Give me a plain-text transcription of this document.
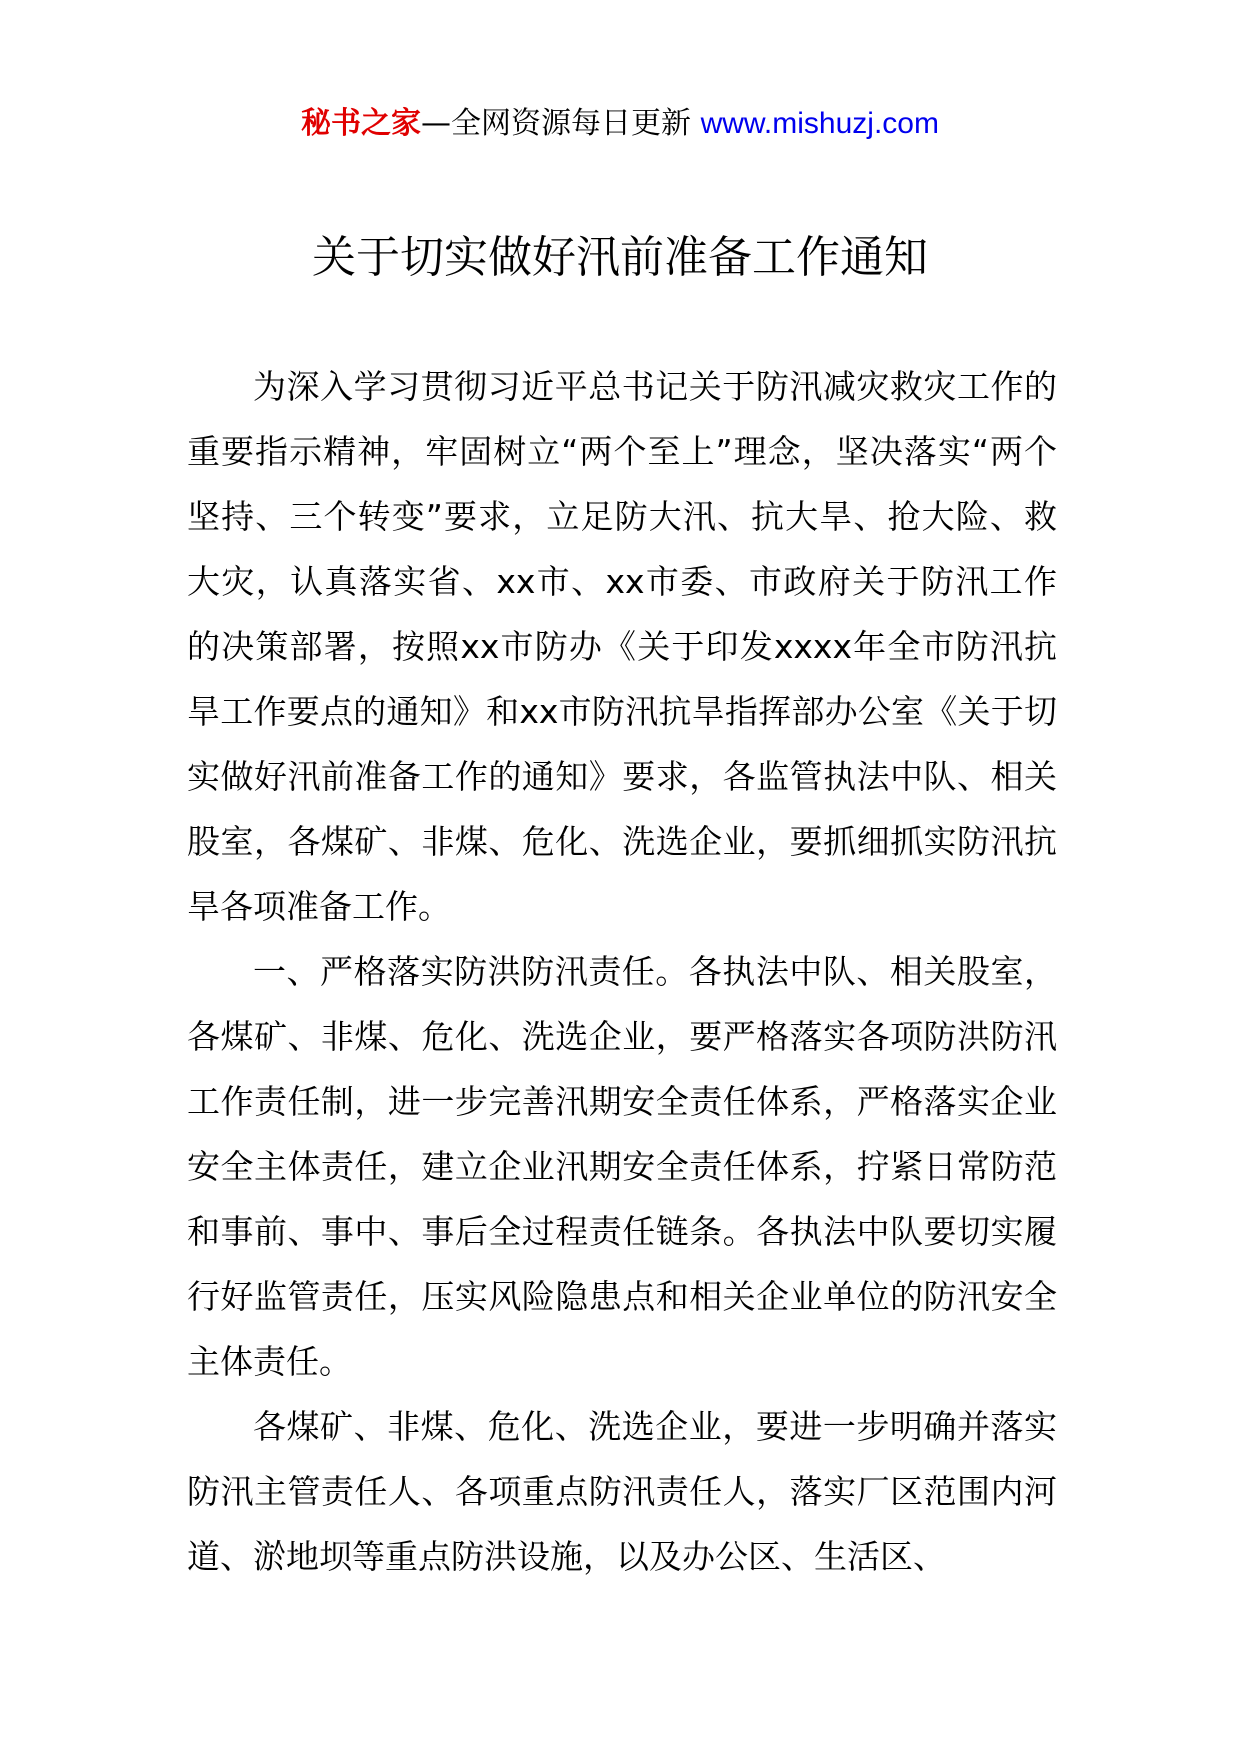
秘书之家—全网资源每日更新 www.mishuzj.com
关于切实做好汛前准备工作通知

为深入学习贯彻习近平总书记关于防汛减灾救灾工作的重要指示精神，牢固树立“两个至上”理念，坚决落实“两个坚持、三个转变”要求，立足防大汛、抗大旱、抢大险、救大灾，认真落实省、xx市、xx市委、市政府关于防汛工作的决策部署，按照xx市防办《关于印发xxxx年全市防汛抗旱工作要点的通知》和xx市防汛抗旱指挥部办公室《关于切实做好汛前准备工作的通知》要求，各监管执法中队、相关股室，各煤矿、非煤、危化、洗选企业，要抓细抓实防汛抗旱各项准备工作。

一、严格落实防洪防汛责任。各执法中队、相关股室，各煤矿、非煤、危化、洗选企业，要严格落实各项防洪防汛工作责任制，进一步完善汛期安全责任体系，严格落实企业安全主体责任，建立企业汛期安全责任体系，拧紧日常防范和事前、事中、事后全过程责任链条。各执法中队要切实履行好监管责任，压实风险隐患点和相关企业单位的防汛安全主体责任。

各煤矿、非煤、危化、洗选企业，要进一步明确并落实防汛主管责任人、各项重点防汛责任人，落实厂区范围内河道、淤地坝等重点防洪设施，以及办公区、生活区、
